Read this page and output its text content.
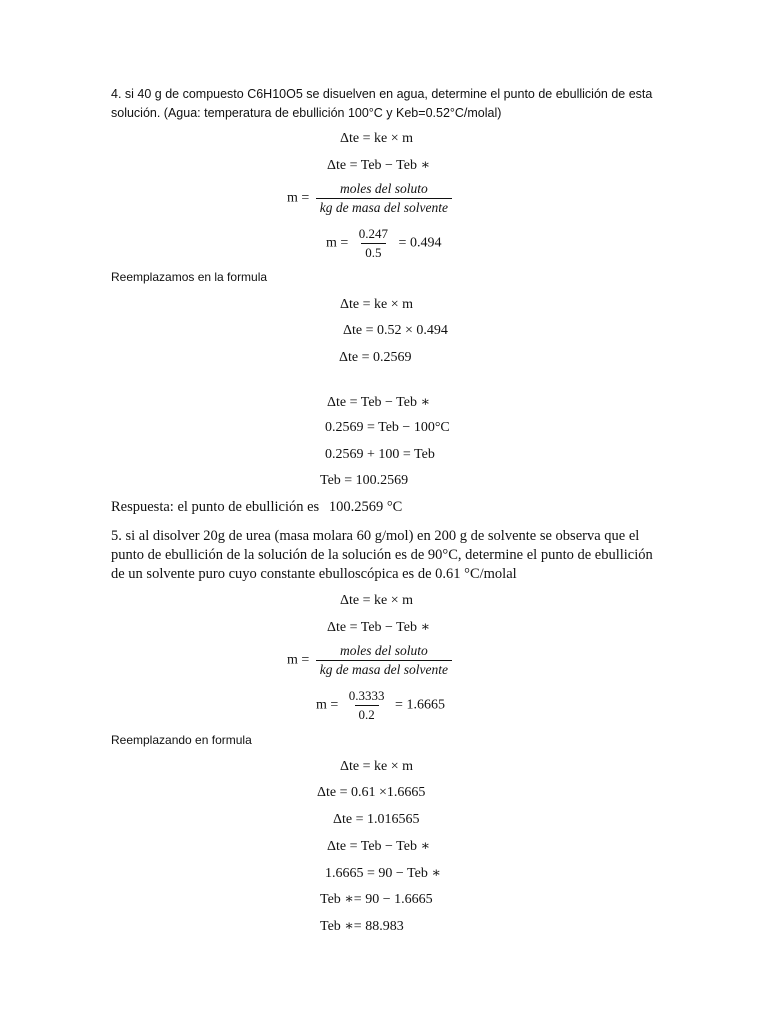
4. si 40 g de compuesto C6H10O5 se disuelven en agua, determine el punto de ebullición de esta solución. (Agua: temperatura de ebullición 100°C y Keb=0.52°C/molal)
Δte = ke × m
Δte = Teb − Teb ∗
$m = \frac{\text{moles del soluto}}{\text{kg de masa del solvente}}$
$m = \frac{0.247}{0.5} = 0.494$
Reemplazamos en la formula
Δte = ke × m
Δte = 0.52 × 0.494
Δte = 0.2569
Δte = Teb − Teb ∗
0.2569 = Teb − 100°C
0.2569 + 100 = Teb
Teb = 100.2569
Respuesta: el punto de ebullición es 100.2569 °C
5. si al disolver 20g de urea (masa molara 60 g/mol) en 200 g de solvente se observa que el punto de ebullición de la solución de la solución es de 90°C, determine el punto de ebullición de un solvente puro cuyo constante ebulloscópica es de 0.61 °C/molal
Δte = ke × m
Δte = Teb − Teb ∗
$m = \frac{\text{moles del soluto}}{\text{kg de masa del solvente}}$
$m = \frac{0.3333}{0.2} = 1.6665$
Reemplazando en formula
Δte = ke × m
Δte = 0.61 ×1.6665
Δte = 1.016565
Δte = Teb − Teb ∗
1.6665 = 90 − Teb ∗
Teb ∗= 90 − 1.6665
Teb ∗= 88.983
